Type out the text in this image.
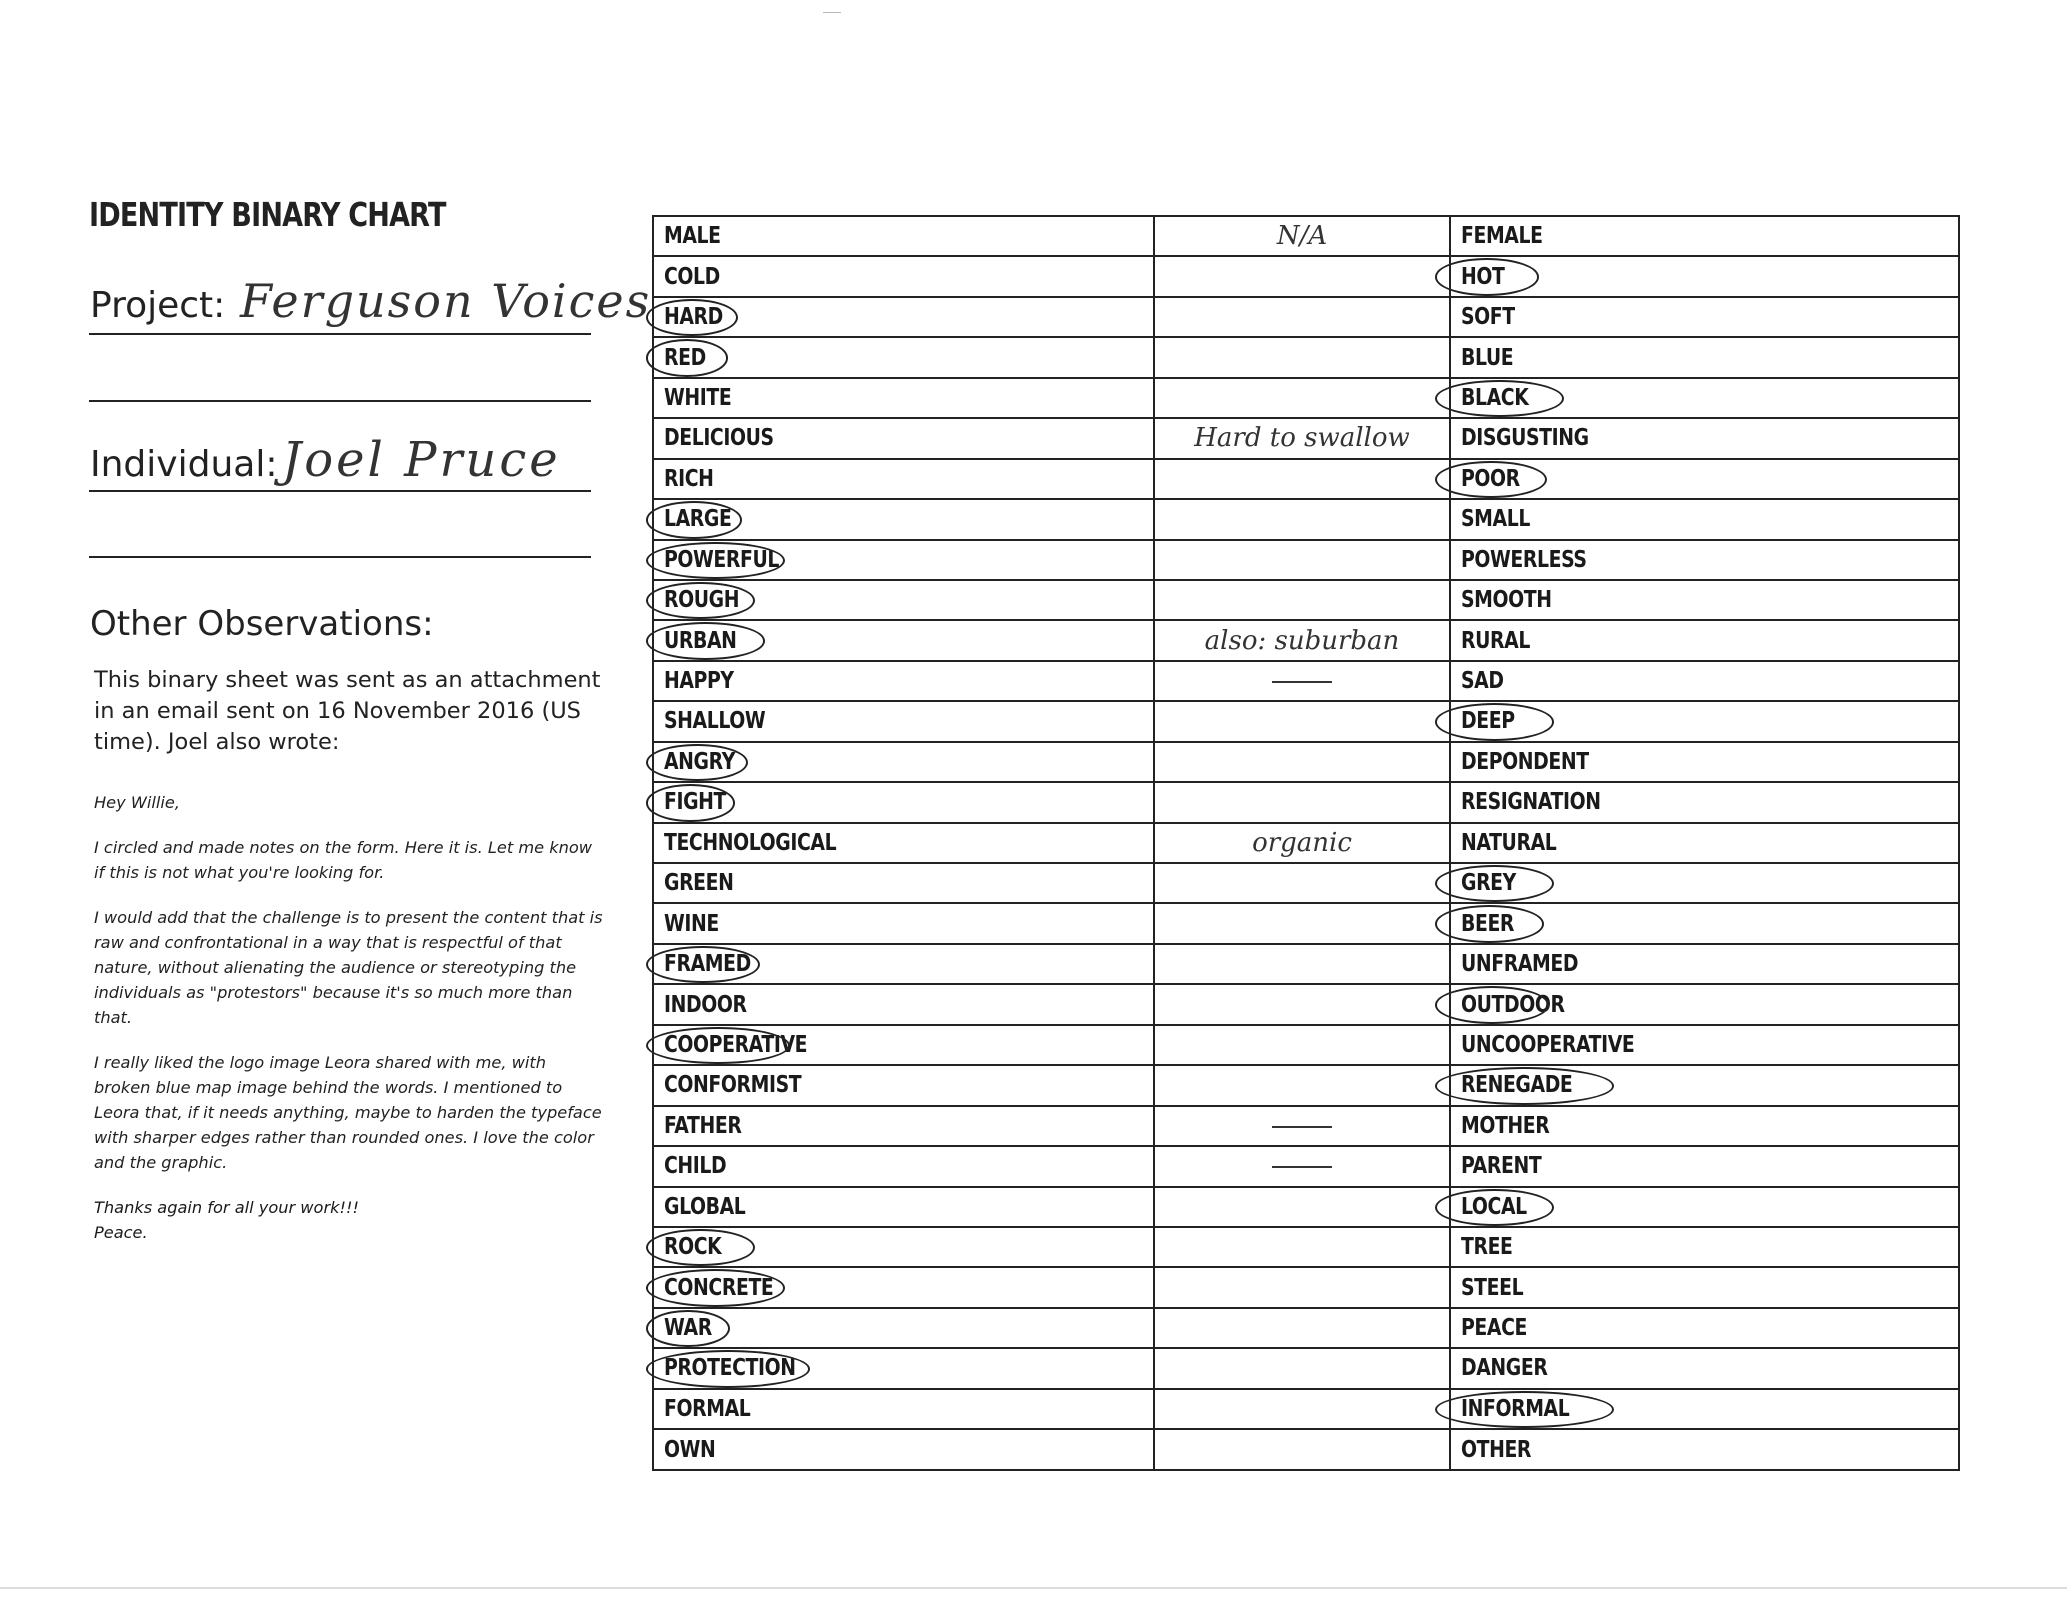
IDENTITY BINARY CHART
Project: Ferguson Voices
Individual: Joel Pruce
Other Observations:

This binary sheet was sent as an attachment in an email sent on 16 November 2016 (US time). Joel also wrote:

Hey Willie,

I circled and made notes on the form. Here it is. Let me know if this is not what you're looking for.

I would add that the challenge is to present the content that is raw and confrontational in a way that is respectful of that nature, without alienating the audience or stereotyping the individuals as "protestors" because it's so much more than that.

I really liked the logo image Leora shared with me, with broken blue map image behind the words. I mentioned to Leora that, if it needs anything, maybe to harden the typeface with sharper edges rather than rounded ones. I love the color and the graphic.

Thanks again for all your work!!!
Peace.
MALE	N/A	FEMALE
COLD		HOT

HARD		SOFT
RED		BLUE
WHITE		BLACK

DELICIOUS	Hard to swallow	DISGUSTING
RICH		POOR

LARGE		SMALL
POWERFUL		POWERLESS
ROUGH		SMOOTH
URBAN	also: suburban	RURAL
HAPPY		SAD
SHALLOW		DEEP

ANGRY		DEPONDENT
FIGHT		RESIGNATION
TECHNOLOGICAL	organic	NATURAL
GREEN		GREY

WINE		BEER

FRAMED		UNFRAMED
INDOOR		OUTDOOR

COOPERATIVE		UNCOOPERATIVE
CONFORMIST		RENEGADE

FATHER		MOTHER
CHILD		PARENT
GLOBAL		LOCAL

ROCK		TREE
CONCRETE		STEEL
WAR		PEACE
PROTECTION		DANGER
FORMAL		INFORMAL

OWN		OTHER
